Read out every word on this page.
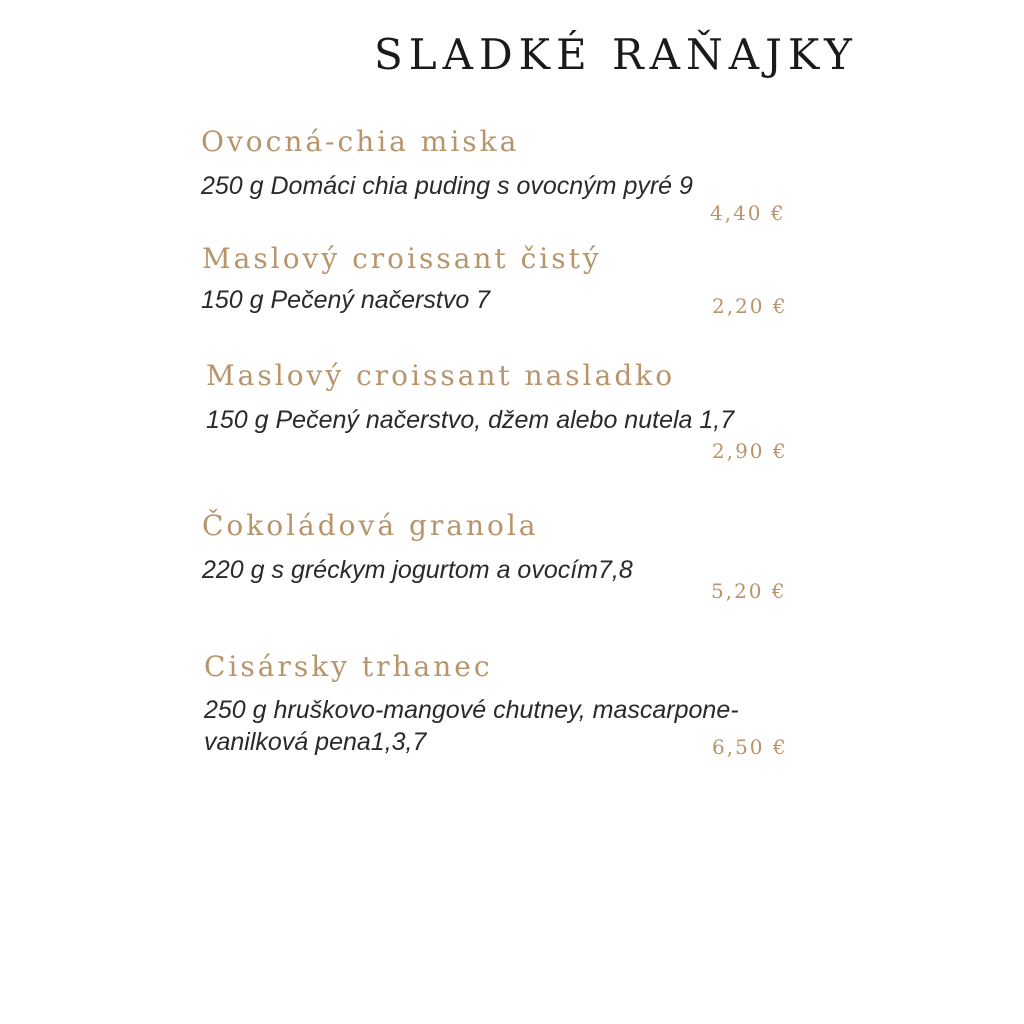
SLADKÉ RAŇAJKY
Ovocná-chia miska
250 g Domáci chia puding s ovocným pyré 9
4,40 €
Maslový croissant čistý
150 g Pečený načerstvo 7	2,20 €
Maslový croissant nasladko
150 g Pečený načerstvo, džem alebo nutela 1,7
2,90 €
Čokoládová granola
220 g s gréckym jogurtom a ovocím7,8
5,20 €
Cisársky trhanec
250 g hruškovo-mangové chutney, mascarpone-vanilková pena1,3,7	6,50 €
